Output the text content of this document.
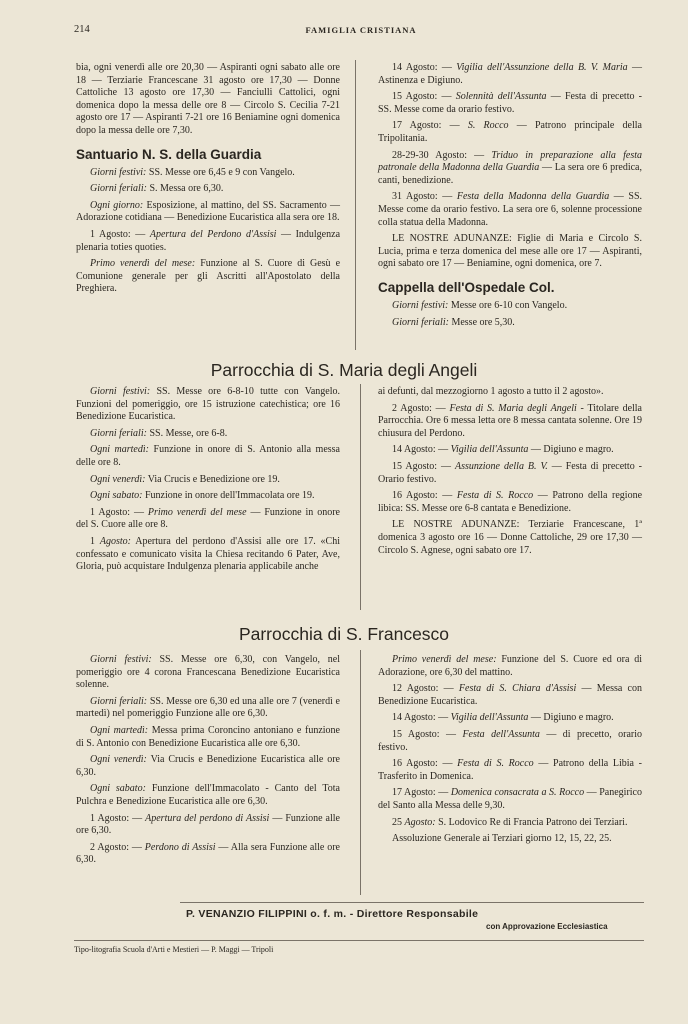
214	FAMIGLIA CRISTIANA

bia, ogni venerdì alle ore 20,30 — Aspiranti ogni sabato alle ore 18 — Terziarie Francescane 31 agosto ore 17,30 — Donne Cattoliche 13 agosto ore 17,30 — Fanciulli Cattolici, ogni domenica dopo la messa delle ore 8 — Circolo S. Cecilia 7-21 agosto ore 17 — Aspiranti 7-21 ore 16 Beniamine ogni domenica dopo la messa delle ore 7,30.

Santuario N. S. della Guardia

Giorni festivi: SS. Messe ore 6,45 e 9 con Vangelo.

Giorni feriali: S. Messa ore 6,30.

Ogni giorno: Esposizione, al mattino, del SS. Sacramento — Adorazione cotidiana — Benedizione Eucaristica alla sera ore 18.

1 Agosto: — Apertura del Perdono d'Assisi — Indulgenza plenaria toties quoties.

Primo venerdì del mese: Funzione al S. Cuore di Gesù e Comunione generale per gli Ascritti all'Apostolato della Preghiera.

14 Agosto: — Vigilia dell'Assunzione della B. V. Maria — Astinenza e Digiuno.

15 Agosto: — Solennità dell'Assunta — Festa di precetto - SS. Messe come da orario festivo.

17 Agosto: — S. Rocco — Patrono principale della Tripolitania.

28-29-30 Agosto: — Triduo in preparazione alla festa patronale della Madonna della Guardia — La sera ore 6 predica, canti, benedizione.

31 Agosto: — Festa della Madonna della Guardia — SS. Messe come da orario festivo. La sera ore 6, solenne processione colla statua della Madonna.

LE NOSTRE ADUNANZE: Figlie di Maria e Circolo S. Lucia, prima e terza domenica del mese alle ore 17 — Aspiranti, ogni sabato ore 17 — Beniamine, ogni domenica, ore 7.

Cappella dell'Ospedale Col.

Giorni festivi: Messe ore 6-10 con Vangelo.

Giorni feriali: Messe ore 5,30.

Parrocchia di S. Maria degli Angeli

Giorni festivi: SS. Messe ore 6-8-10 tutte con Vangelo. Funzioni del pomeriggio, ore 15 istruzione catechistica; ore 16 Benedizione Eucaristica.

Giorni feriali: SS. Messe, ore 6-8.

Ogni martedì: Funzione in onore di S. Antonio alla messa delle ore 8.

Ogni venerdì: Via Crucis e Benedizione ore 19.

Ogni sabato: Funzione in onore dell'Immacolata ore 19.

1 Agosto: — Primo venerdì del mese — Funzione in onore del S. Cuore alle ore 8.

1 Agosto: Apertura del perdono d'Assisi alle ore 17. «Chi confessato e comunicato visita la Chiesa recitando 6 Pater, Ave, Gloria, può acquistare Indulgenza plenaria applicabile anche

ai defunti, dal mezzogiorno 1 agosto a tutto il 2 agosto».

2 Agosto: — Festa di S. Maria degli Angeli - Titolare della Parrocchia. Ore 6 messa letta ore 8 messa cantata solenne. Ore 19 chiusura del Perdono.

14 Agosto: — Vigilia dell'Assunta — Digiuno e magro.

15 Agosto: — Assunzione della B. V. — Festa di precetto - Orario festivo.

16 Agosto: — Festa di S. Rocco — Patrono della regione libica: SS. Messe ore 6-8 cantata e Benedizione.

LE NOSTRE ADUNANZE: Terziarie Francescane, 1ª domenica 3 agosto ore 16 — Donne Cattoliche, 29 ore 17,30 — Circolo S. Agnese, ogni sabato ore 17.

Parrocchia di S. Francesco

Giorni festivi: SS. Messe ore 6,30, con Vangelo, nel pomeriggio ore 4 corona Francescana Benedizione Eucaristica solenne.

Giorni feriali: SS. Messe ore 6,30 ed una alle ore 7 (venerdì e martedì) nel pomeriggio Funzione alle ore 6,30.

Ogni martedì: Messa prima Coroncino antoniano e funzione di S. Antonio con Benedizione Eucaristica alle ore 6,30.

Ogni venerdì: Via Crucis e Benedizione Eucaristica alle ore 6,30.

Ogni sabato: Funzione dell'Immacolato - Canto del Tota Pulchra e Benedizione Eucaristica alle ore 6,30.

1 Agosto: — Apertura del perdono di Assisi — Funzione alle ore 6,30.

2 Agosto: — Perdono di Assisi — Alla sera Funzione alle ore 6,30.

Primo venerdì del mese: Funzione del S. Cuore ed ora di Adorazione, ore 6,30 del mattino.

12 Agosto: — Festa di S. Chiara d'Assisi — Messa con Benedizione Eucaristica.

14 Agosto: — Vigilia dell'Assunta — Digiuno e magro.

15 Agosto: — Festa dell'Assunta — di precetto, orario festivo.

16 Agosto: — Festa di S. Rocco — Patrono della Libia - Trasferito in Domenica.

17 Agosto: — Domenica consacrata a S. Rocco — Panegirico del Santo alla Messa delle 9,30.

25 Agosto: S. Lodovico Re di Francia Patrono dei Terziari.

Assoluzione Generale ai Terziari giorno 12, 15, 22, 25.

P. VENANZIO FILIPPINI o. f. m. - Direttore Responsabile
con Approvazione Ecclesiastica
Tipo-litografia Scuola d'Arti e Mestieri — P. Maggi — Tripoli
